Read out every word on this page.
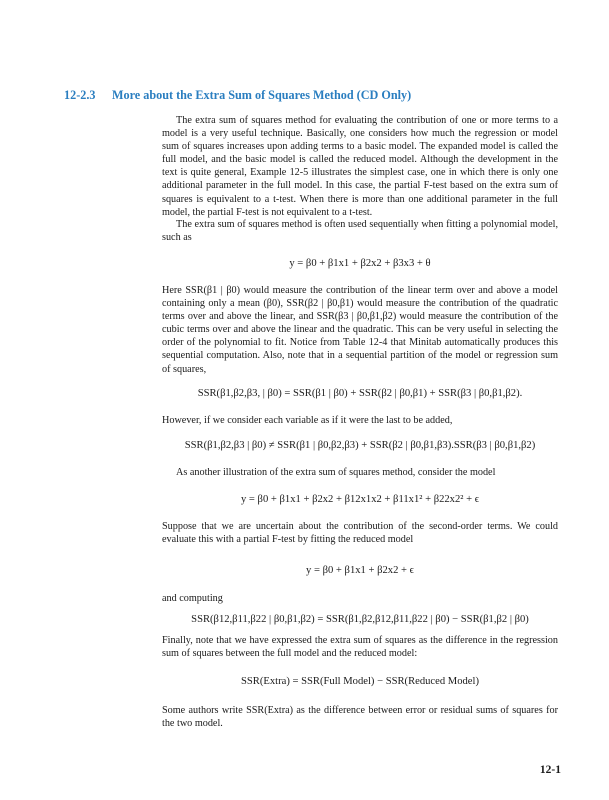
12-2.3 More about the Extra Sum of Squares Method (CD Only)

The extra sum of squares method for evaluating the contribution of one or more terms to a model is a very useful technique. Basically, one considers how much the regression or model sum of squares increases upon adding terms to a basic model. The expanded model is called the full model, and the basic model is called the reduced model. Although the development in the text is quite general, Example 12-5 illustrates the simplest case, one in which there is only one additional parameter in the full model. In this case, the partial F-test based on the extra sum of squares is equivalent to a t-test. When there is more than one additional parameter in the full model, the partial F-test is not equivalent to a t-test.

The extra sum of squares method is often used sequentially when fitting a polynomial model, such as

y = β0 + β1x1 + β2x2 + β3x3 + θ

Here SSR(β1 | β0) would measure the contribution of the linear term over and above a model containing only a mean (β0), SSR(β2 | β0,β1) would measure the contribution of the quadratic terms over and above the linear, and SSR(β3 | β0,β1,β2) would measure the contribution of the cubic terms over and above the linear and the quadratic. This can be very useful in selecting the order of the polynomial to fit. Notice from Table 12-4 that Minitab automatically produces this sequential computation. Also, note that in a sequential partition of the model or regression sum of squares,

SSR(β1,β2,β3, | β0) = SSR(β1 | β0) + SSR(β2 | β0,β1) + SSR(β3 | β0,β1,β2).

However, if we consider each variable as if it were the last to be added,

SSR(β1,β2,β3 | β0) ≠ SSR(β1 | β0,β2,β3) + SSR(β2 | β0,β1,β3).SSR(β3 | β0,β1,β2)

As another illustration of the extra sum of squares method, consider the model

y = β0 + β1x1 + β2x2 + β12x1x2 + β11x1² + β22x2² + ϵ

Suppose that we are uncertain about the contribution of the second-order terms. We could evaluate this with a partial F-test by fitting the reduced model

y = β0 + β1x1 + β2x2 + ϵ

and computing

SSR(β12,β11,β22 | β0,β1,β2) = SSR(β1,β2,β12,β11,β22 | β0) − SSR(β1,β2 | β0)

Finally, note that we have expressed the extra sum of squares as the difference in the regression sum of squares between the full model and the reduced model:

SSR(Extra) = SSR(Full Model) − SSR(Reduced Model)

Some authors write SSR(Extra) as the difference between error or residual sums of squares for the two model.

12-1
